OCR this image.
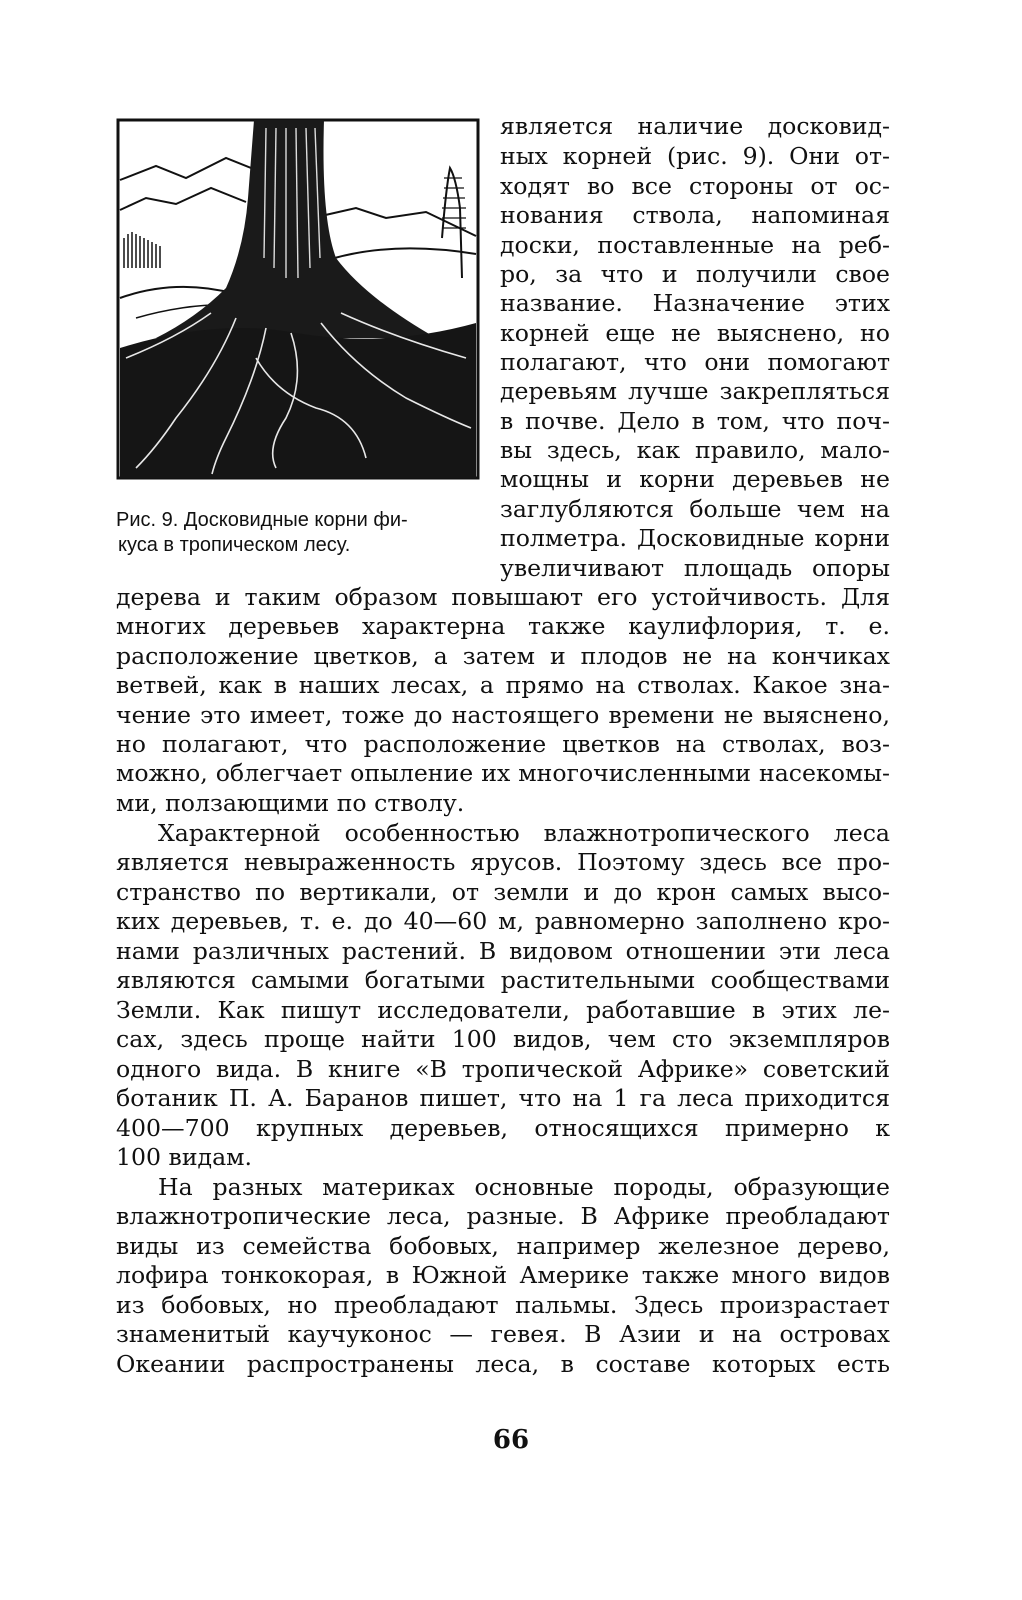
Рис. 9. Досковидные корни фи-
куса в тропическом лесу.
является наличие досковид-
ных корней (рис. 9). Они от-
ходят во все стороны от ос-
нования ствола, напоминая
доски, поставленные на реб-
ро, за что и получили свое
название. Назначение этих
корней еще не выяснено, но
полагают, что они помогают
деревьям лучше закрепляться
в почве. Дело в том, что поч-
вы здесь, как правило, мало-
мощны и корни деревьев не
заглубляются больше чем на
полметра. Досковидные корни
увеличивают площадь опоры
дерева и таким образом повышают его устойчивость. Для
многих деревьев характерна также каулифлория, т. е.
расположение цветков, а затем и плодов не на кончиках
ветвей, как в наших лесах, а прямо на стволах. Какое зна-
чение это имеет, тоже до настоящего времени не выяснено,
но полагают, что расположение цветков на стволах, воз-
можно, облегчает опыление их многочисленными насекомы-
ми, ползающими по стволу.
Характерной особенностью влажнотропического леса
является невыраженность ярусов. Поэтому здесь все про-
странство по вертикали, от земли и до крон самых высо-
ких деревьев, т. е. до 40—60 м, равномерно заполнено кро-
нами различных растений. В видовом отношении эти леса
являются самыми богатыми растительными сообществами
Земли. Как пишут исследователи, работавшие в этих ле-
сах, здесь проще найти 100 видов, чем сто экземпляров
одного вида. В книге «В тропической Африке» советский
ботаник П. А. Баранов пишет, что на 1 га леса приходится
400—700 крупных деревьев, относящихся примерно к
100 видам.
На разных материках основные породы, образующие
влажнотропические леса, разные. В Африке преобладают
виды из семейства бобовых, например железное дерево,
лофира тонкокорая, в Южной Америке также много видов
из бобовых, но преобладают пальмы. Здесь произрастает
знаменитый каучуконос — гевея. В Азии и на островах
Океании распространены леса, в составе которых есть
66
